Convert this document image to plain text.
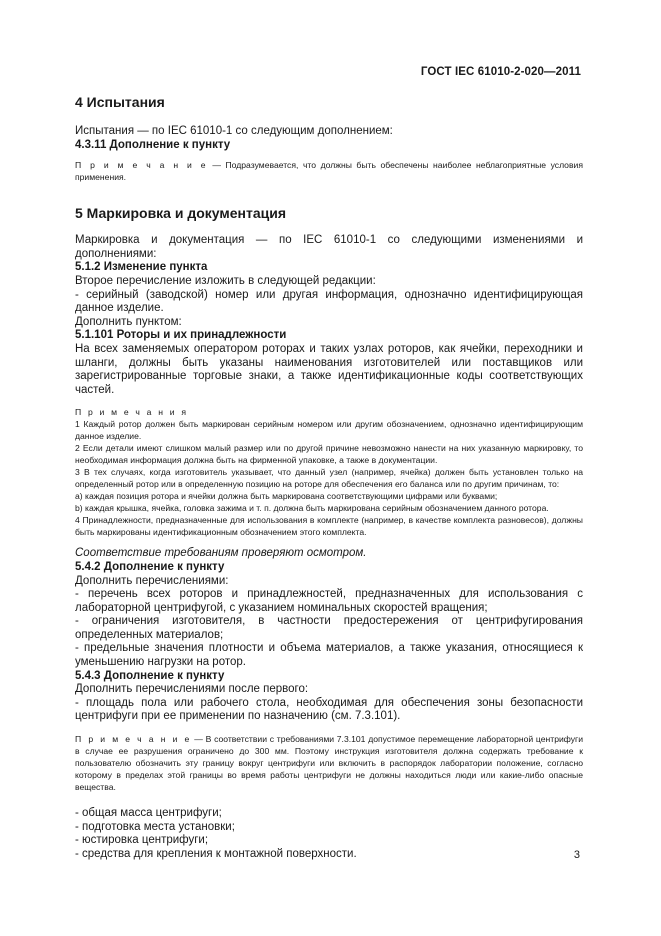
ГОСТ IEC 61010-2-020—2011

4 Испытания

Испытания — по IEC 61010-1 со следующим дополнением:

4.3.11 Дополнение к пункту

П р и м е ч а н и е — Подразумевается, что должны быть обеспечены наиболее неблагоприятные условия применения.

5 Маркировка и документация

Маркировка и документация — по IEC 61010-1 со следующими изменениями и дополнениями:

5.1.2 Изменение пункта

Второе перечисление изложить в следующей редакции:

- серийный (заводской) номер или другая информация, однозначно идентифицирующая данное изделие.

Дополнить пунктом:

5.1.101 Роторы и их принадлежности

На всех заменяемых оператором роторах и таких узлах роторов, как ячейки, переходники и шланги, должны быть указаны наименования изготовителей или поставщиков или зарегистрированные торговые знаки, а также идентификационные коды соответствующих частей.

П р и м е ч а н и я

1 Каждый ротор должен быть маркирован серийным номером или другим обозначением, однозначно идентифицирующим данное изделие.

2 Если детали имеют слишком малый размер или по другой причине невозможно нанести на них указанную маркировку, то необходимая информация должна быть на фирменной упаковке, а также в документации.

3 В тех случаях, когда изготовитель указывает, что данный узел (например, ячейка) должен быть установлен только на определенный ротор или в определенную позицию на роторе для обеспечения его баланса или по другим причинам, то:

а) каждая позиция ротора и ячейки должна быть маркирована соответствующими цифрами или буквами;

b) каждая крышка, ячейка, головка зажима и т. п. должна быть маркирована серийным обозначением данного ротора.

4 Принадлежности, предназначенные для использования в комплекте (например, в качестве комплекта разновесов), должны быть маркированы идентификационным обозначением этого комплекта.

Соответствие требованиям проверяют осмотром.

5.4.2 Дополнение к пункту

Дополнить перечислениями:

- перечень всех роторов и принадлежностей, предназначенных для использования с лабораторной центрифугой, с указанием номинальных скоростей вращения;

- ограничения изготовителя, в частности предостережения от центрифугирования определенных материалов;

- предельные значения плотности и объема материалов, а также указания, относящиеся к уменьшению нагрузки на ротор.

5.4.3 Дополнение к пункту

Дополнить перечислениями после первого:

- площадь пола или рабочего стола, необходимая для обеспечения зоны безопасности центрифуги при ее применении по назначению (см. 7.3.101).

П р и м е ч а н и е — В соответствии с требованиями 7.3.101 допустимое перемещение лабораторной центрифуги в случае ее разрушения ограничено до 300 мм. Поэтому инструкция изготовителя должна содержать требование к пользователю обозначить эту границу вокруг центрифуги или включить в распорядок лаборатории положение, согласно которому в пределах этой границы во время работы центрифуги не должны находиться люди или какие-либо опасные вещества.

- общая масса центрифуги;

- подготовка места установки;

- юстировка центрифуги;

- средства для крепления к монтажной поверхности.	3
